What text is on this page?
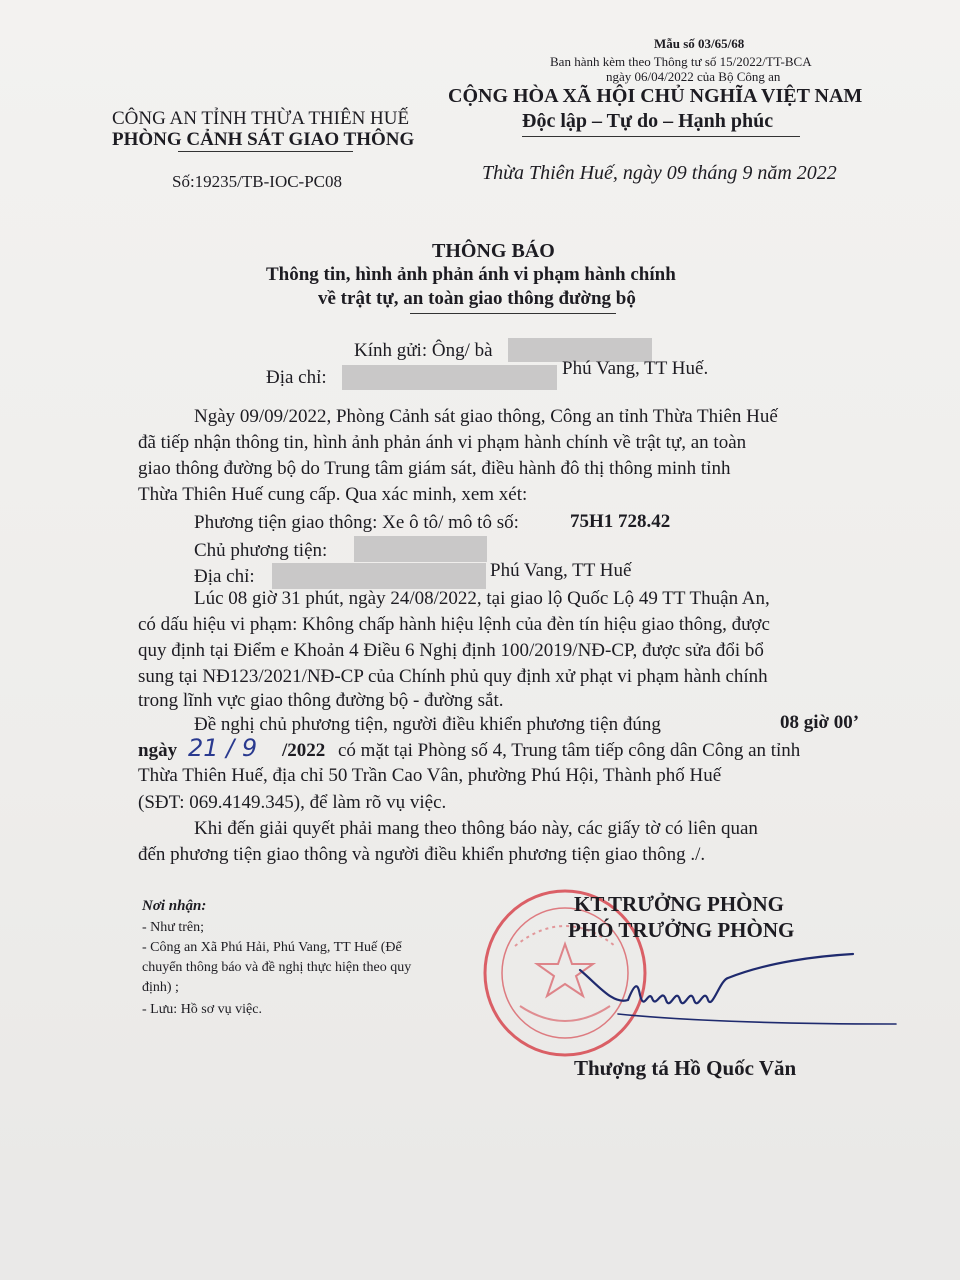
Mẫu số 03/65/68
Ban hành kèm theo Thông tư số 15/2022/TT-BCA
ngày 06/04/2022 của Bộ Công an
CÔNG AN TỈNH THỪA THIÊN HUẾ
PHÒNG CẢNH SÁT GIAO THÔNG
Số:19235/TB-IOC-PC08
CỘNG HÒA XÃ HỘI CHỦ NGHĨA VIỆT NAM
Độc lập – Tự do – Hạnh phúc
Thừa Thiên Huế, ngày 09 tháng 9 năm 2022
THÔNG BÁO
Thông tin, hình ảnh phản ánh vi phạm hành chính
về trật tự, an toàn giao thông đường bộ
Kính gửi: Ông/ bà
Địa chỉ:	Phú Vang, TT Huế.
Ngày 09/09/2022, Phòng Cảnh sát giao thông, Công an tỉnh Thừa Thiên Huế
đã tiếp nhận thông tin, hình ảnh phản ánh vi phạm hành chính về trật tự, an toàn
giao thông đường bộ do Trung tâm giám sát, điều hành đô thị thông minh tỉnh
Thừa Thiên Huế cung cấp. Qua xác minh, xem xét:
Phương tiện giao thông: Xe ô tô/ mô tô số:	75H1 728.42
Chủ phương tiện:
Địa chỉ:	Phú Vang, TT Huế
Lúc 08 giờ 31 phút, ngày 24/08/2022, tại giao lộ Quốc Lộ 49 TT Thuận An,
có dấu hiệu vi phạm: Không chấp hành hiệu lệnh của đèn tín hiệu giao thông, được
quy định tại Điểm e Khoản 4 Điều 6 Nghị định 100/2019/NĐ-CP, được sửa đổi bổ
sung tại NĐ123/2021/NĐ-CP của Chính phủ quy định xử phạt vi phạm hành chính
trong lĩnh vực giao thông đường bộ - đường sắt.
Đề nghị chủ phương tiện, người điều khiển phương tiện đúng	08 giờ 00’
ngày 21 / 9 /2022 có mặt tại Phòng số 4, Trung tâm tiếp công dân Công an tỉnh
Thừa Thiên Huế, địa chỉ 50 Trần Cao Vân, phường Phú Hội, Thành phố Huế
(SĐT: 069.4149.345), để làm rõ vụ việc.
Khi đến giải quyết phải mang theo thông báo này, các giấy tờ có liên quan
đến phương tiện giao thông và người điều khiển phương tiện giao thông ./.
Nơi nhận:
- Như trên;
- Công an Xã Phú Hải, Phú Vang, TT Huế (Để
chuyển thông báo và đề nghị thực hiện theo quy
định) ;
- Lưu: Hồ sơ vụ việc.
KT.TRƯỞNG PHÒNG
PHÓ TRƯỞNG PHÒNG
Thượng tá Hồ Quốc Văn
